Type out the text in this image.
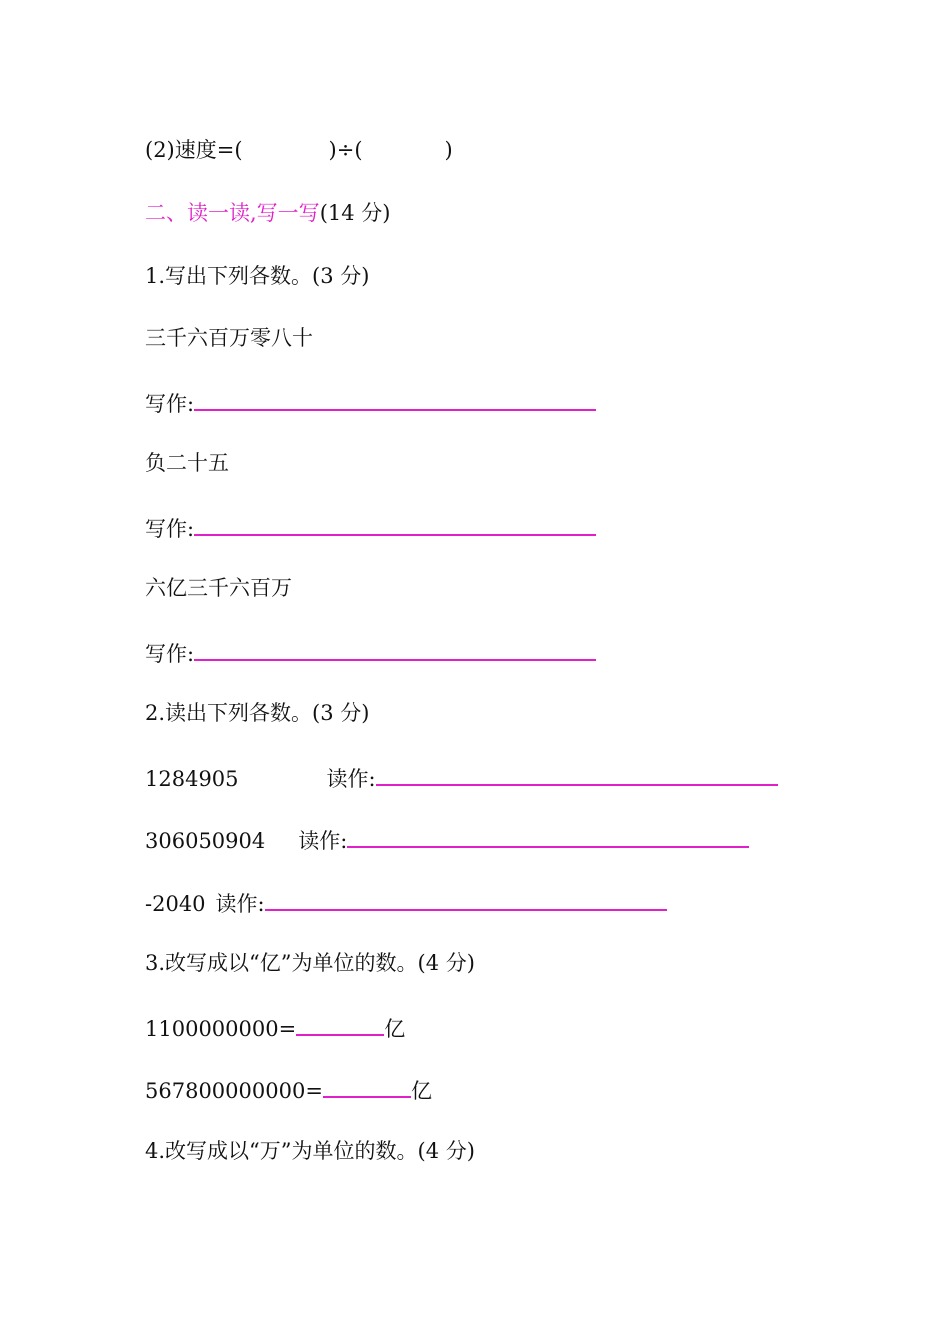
(2)速度=(	)÷(	)
二、读一读,写一写(14 分)
1.写出下列各数。(3 分)
三千六百万零八十
写作:
负二十五
写作:
六亿三千六百万
写作:
2.读出下列各数。(3 分)
1284905	读作:
306050904 读作:
-2040 读作:
3.改写成以“亿”为单位的数。(4 分)
1100000000=	亿
567800000000=	亿
4.改写成以“万”为单位的数。(4 分)
